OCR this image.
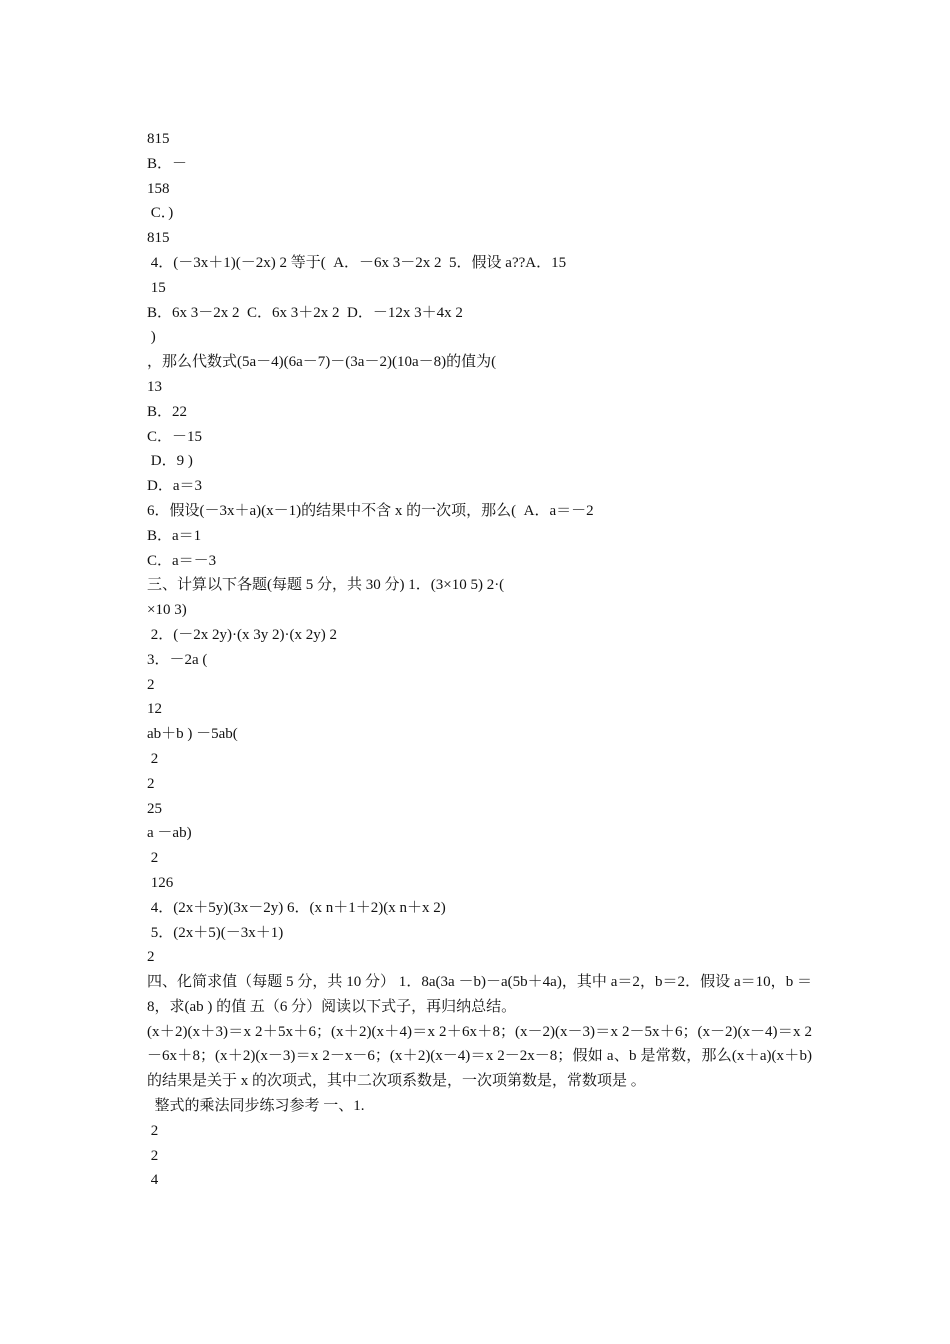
815
B．－
158
C．)
815
4．(－3x＋1)(－2x) 2 等于(  A．－6x 3－2x 2  5．假设 a??A．15
15
B．6x 3－2x 2  C．6x 3＋2x 2  D．－12x 3＋4x 2
)
，那么代数式(5a－4)(6a－7)－(3a－2)(10a－8)的值为(
13
B．22
C．－15
D．9 )
D．a＝3
6．假设(－3x＋a)(x－1)的结果中不含 x 的一次项，那么(  A．a＝－2
B．a＝1
C．a＝－3
三、计算以下各题(每题 5 分，共 30 分) 1．(3×10 5) 2·(
×10 3)
2．(－2x 2y)·(x 3y 2)·(x 2y) 2
3．－2a (
2
12
ab＋b ) －5ab(
2
2
25
a －ab)
2
126
4．(2x＋5y)(3x－2y) 6．(x n＋1＋2)(x n＋x 2)
5．(2x＋5)(－3x＋1)
2
四、化简求值（每题 5 分，共 10 分） 1．8a(3a －b)－a(5b＋4a)，其中 a＝2，b＝2．假设 a＝10，b ＝8，求(ab ) 的值 五（6 分）阅读以下式子，再归纳总结。
(x＋2)(x＋3)＝x 2＋5x＋6；(x＋2)(x＋4)＝x 2＋6x＋8；(x－2)(x－3)＝x 2－5x＋6；(x－2)(x－4)＝x 2－6x＋8；(x＋2)(x－3)＝x 2－x－6；(x＋2)(x－4)＝x 2－2x－8；假如 a、b 是常数，那么(x＋a)(x＋b)的结果是关于 x 的次项式，其中二次项系数是，一次项第数是，常数项是 。
整式的乘法同步练习参考 一、1.
2
2
4
